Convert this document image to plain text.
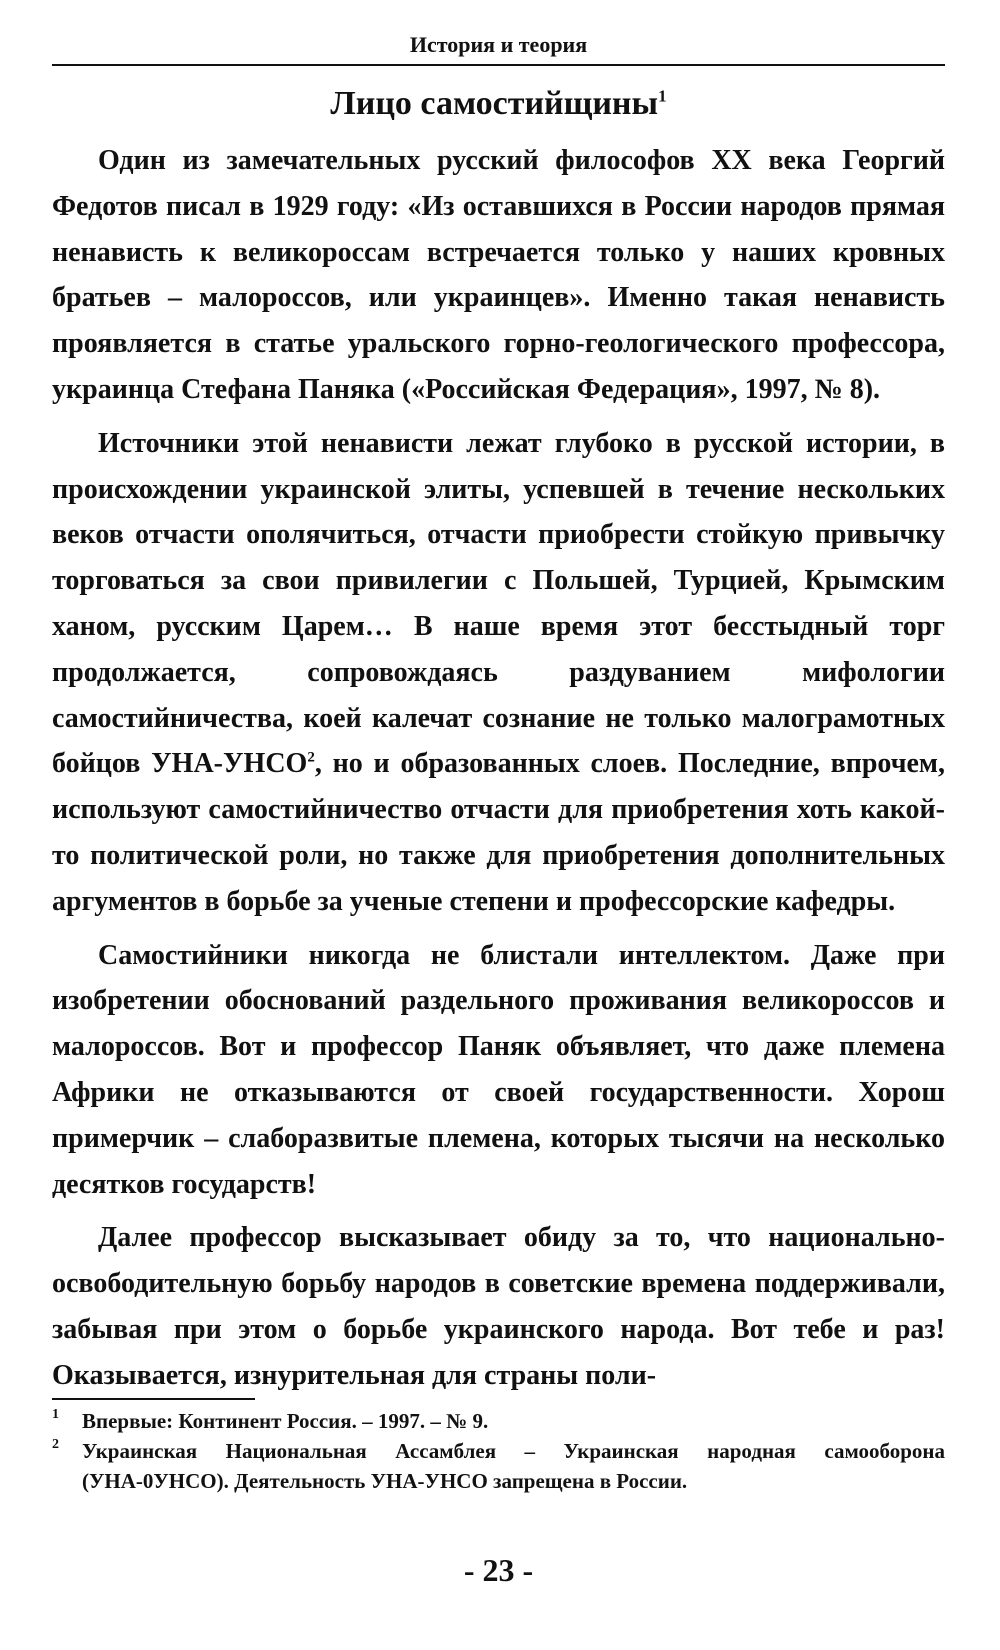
История и теория
Лицо самостийщины$^1$

Один из замечательных русский философов XX века Георгий Федотов писал в 1929 году: «Из оставшихся в России народов прямая ненависть к великороссам встречается только у наших кровных братьев – малороссов, или украинцев». Именно такая ненависть проявляется в статье уральского горно-геологического профессора, украинца Стефана Паняка («Российская Федерация», 1997, № 8).

Источники этой ненависти лежат глубоко в русской истории, в происхождении украинской элиты, успевшей в течение нескольких веков отчасти ополячиться, отчасти приобрести стойкую привычку торговаться за свои привилегии с Польшей, Турцией, Крымским ханом, русским Царем… В наше время этот бесстыдный торг продолжается, сопровождаясь раздуванием мифологии самостийничества, коей калечат сознание не только малограмотных бойцов УНА-УНСО$^2$, но и образованных слоев. Последние, впрочем, используют самостийничество отчасти для приобретения хоть какой-то политической роли, но также для приобретения дополнительных аргументов в борьбе за ученые степени и профессорские кафедры.

Самостийники никогда не блистали интеллектом. Даже при изобретении обоснований раздельного проживания великороссов и малороссов. Вот и профессор Паняк объявляет, что даже племена Африки не отказываются от своей государственности. Хорош примерчик – слаборазвитые племена, которых тысячи на несколько десятков государств!

Далее профессор высказывает обиду за то, что национально-освободительную борьбу народов в советские времена поддерживали, забывая при этом о борьбе украинского народа. Вот тебе и раз! Оказывается, изнурительная для страны поли-

1 Впервые: Континент Россия. – 1997. – № 9.
2 Украинская Национальная Ассамблея – Украинская народная самооборона (УНА-0УНСО). Деятельность УНА-УНСО запрещена в России.
- 23 -
